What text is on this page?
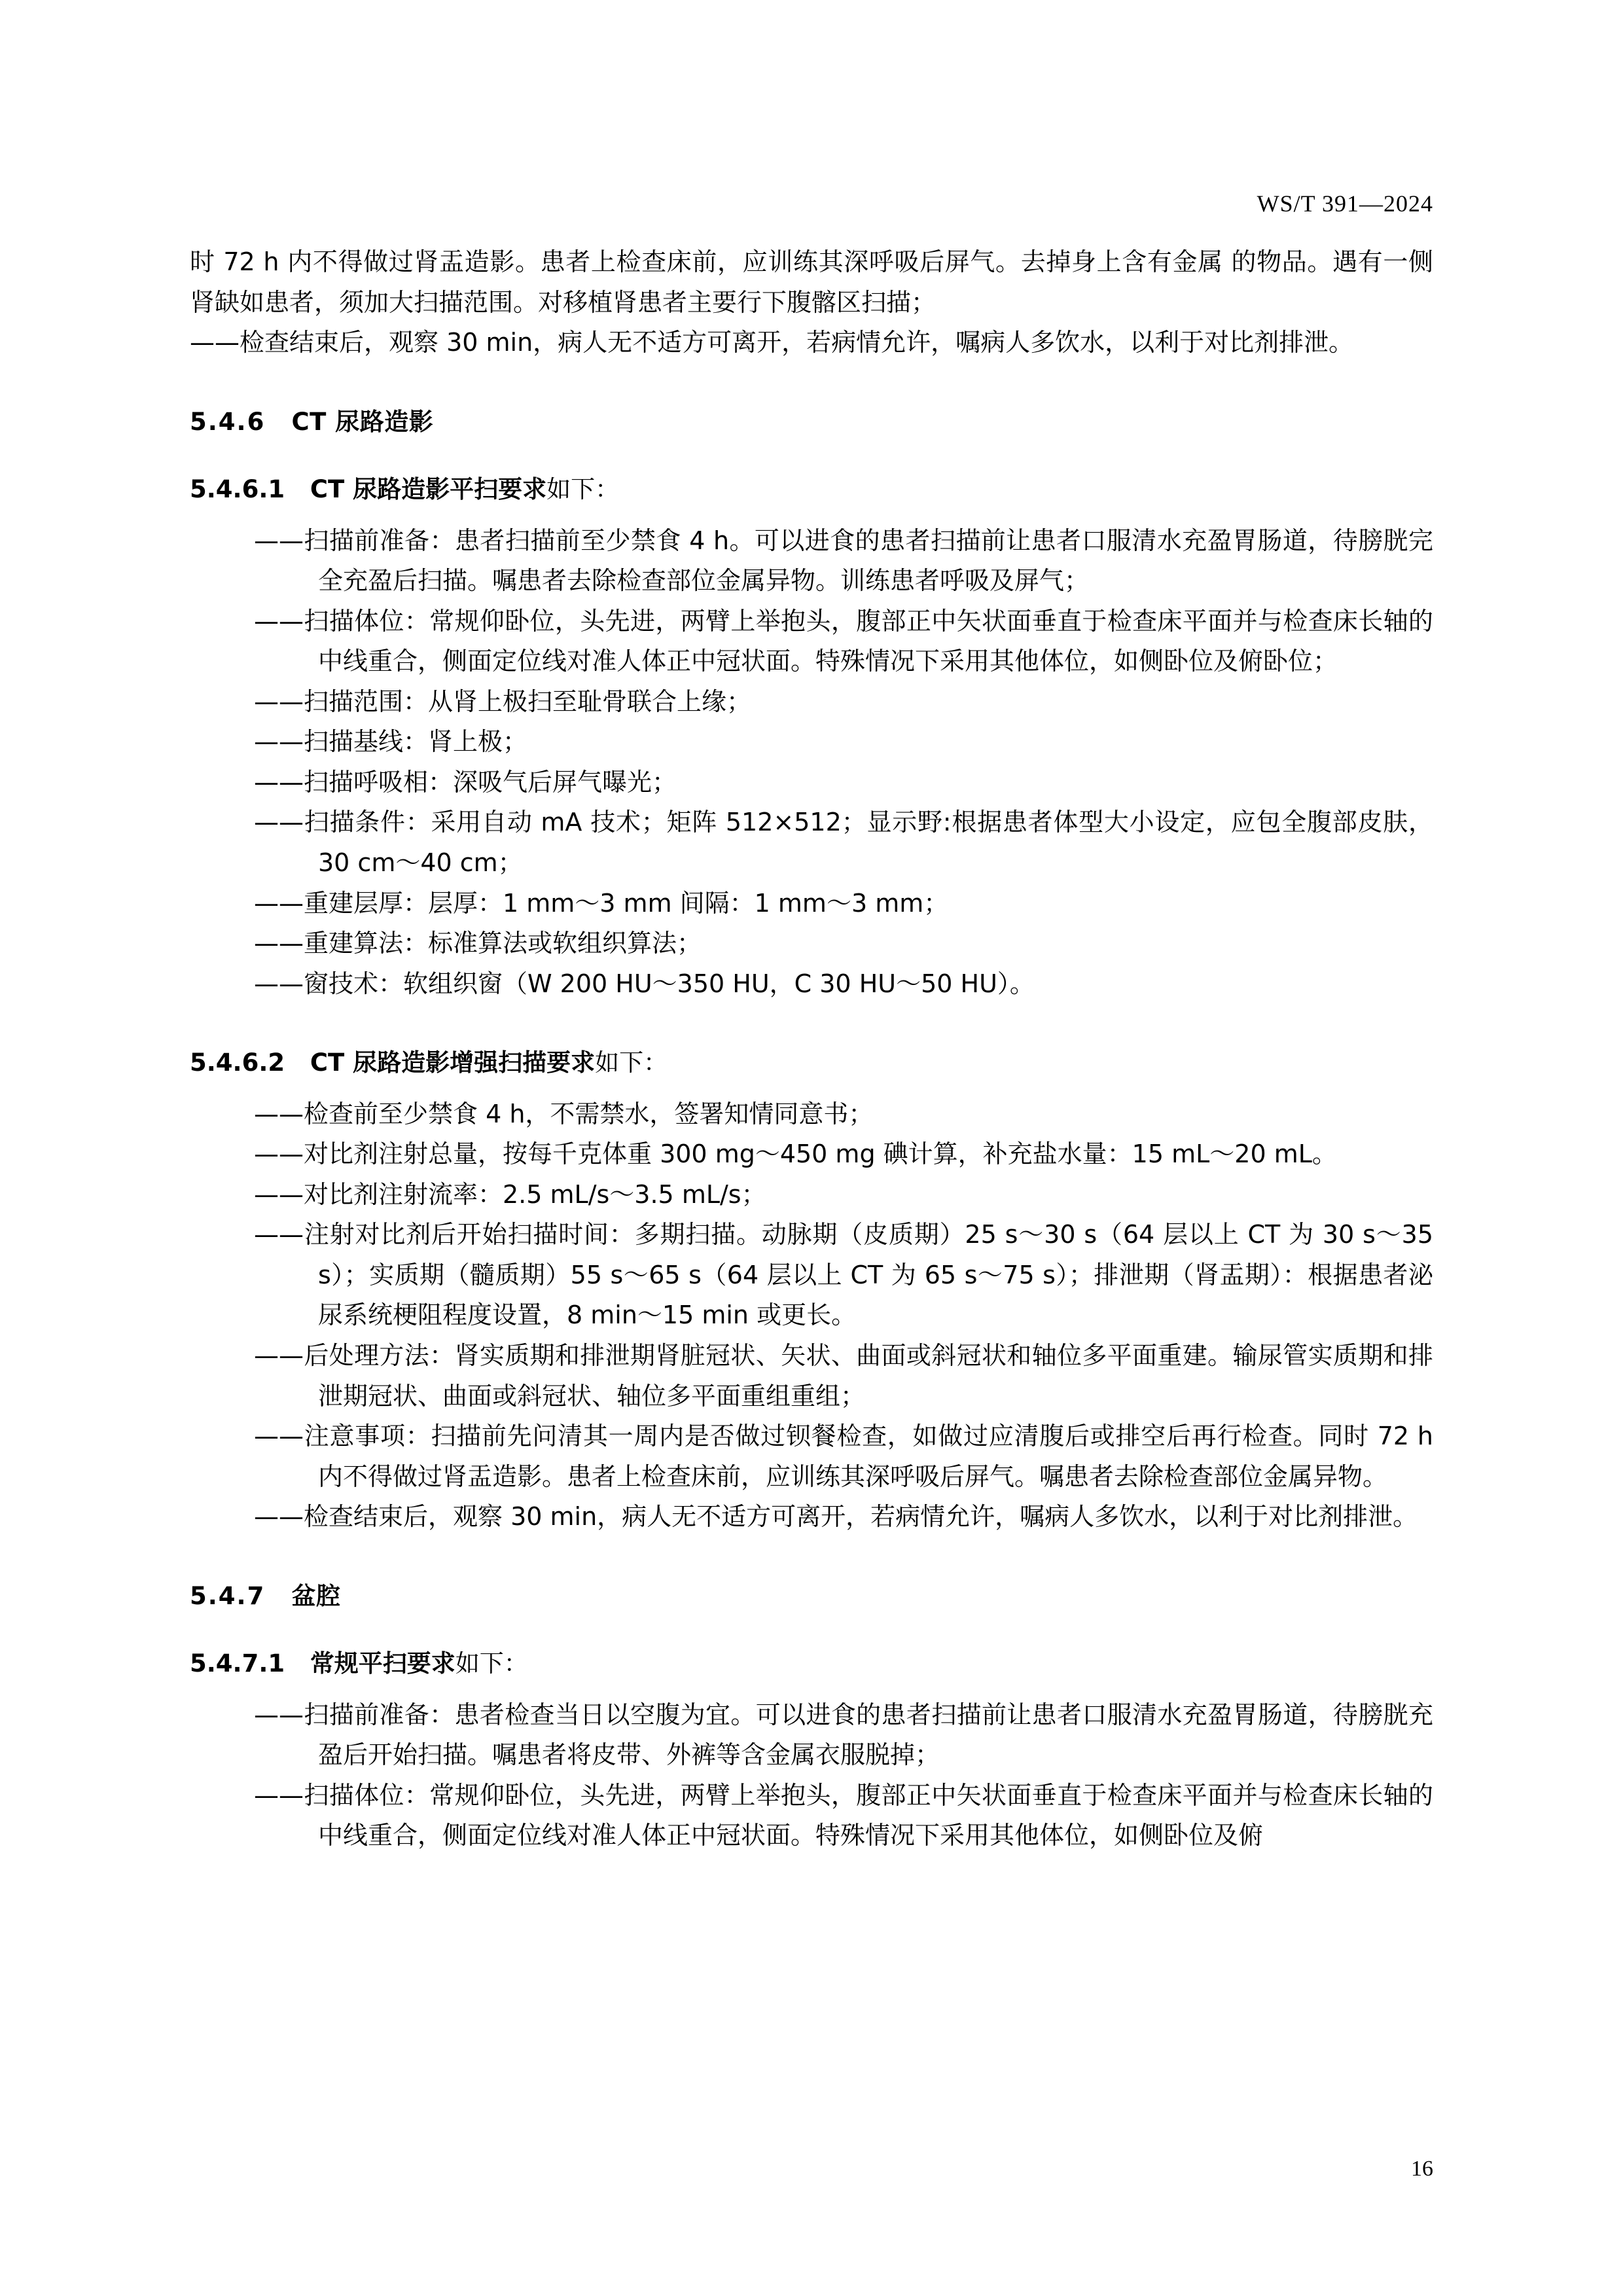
WS/T 391—2024
时 72 h 内不得做过肾盂造影。患者上检查床前，应训练其深呼吸后屏气。去掉身上含有金属 的物品。遇有一侧肾缺如患者，须加大扫描范围。对移植肾患者主要行下腹髂区扫描；
——检查结束后，观察 30 min，病人无不适方可离开，若病情允许，嘱病人多饮水，以利于对比剂排泄。
5.4.6 CT 尿路造影
5.4.6.1 CT 尿路造影平扫要求如下：
——扫描前准备：患者扫描前至少禁食 4 h。可以进食的患者扫描前让患者口服清水充盈胃肠道，待膀胱完全充盈后扫描。嘱患者去除检查部位金属异物。训练患者呼吸及屏气；
——扫描体位：常规仰卧位，头先进，两臂上举抱头，腹部正中矢状面垂直于检查床平面并与检查床长轴的中线重合，侧面定位线对准人体正中冠状面。特殊情况下采用其他体位，如侧卧位及俯卧位；
——扫描范围：从肾上极扫至耻骨联合上缘；
——扫描基线：肾上极；
——扫描呼吸相：深吸气后屏气曝光；
——扫描条件：采用自动 mA 技术；矩阵 512×512；显示野:根据患者体型大小设定，应包全腹部皮肤，30 cm～40 cm；
——重建层厚：层厚：1 mm～3 mm 间隔：1 mm～3 mm；
——重建算法：标准算法或软组织算法；
——窗技术：软组织窗（W 200 HU～350 HU，C 30 HU～50 HU）。
5.4.6.2 CT 尿路造影增强扫描要求如下：
——检查前至少禁食 4 h，不需禁水，签署知情同意书；
——对比剂注射总量，按每千克体重 300 mg～450 mg 碘计算，补充盐水量：15 mL～20 mL。
——对比剂注射流率：2.5 mL/s～3.5 mL/s；
——注射对比剂后开始扫描时间：多期扫描。动脉期（皮质期）25 s～30 s（64 层以上 CT 为 30 s～35 s）；实质期（髓质期）55 s～65 s（64 层以上 CT 为 65 s～75 s）；排泄期（肾盂期）：根据患者泌尿系统梗阻程度设置，8 min～15 min 或更长。
——后处理方法：肾实质期和排泄期肾脏冠状、矢状、曲面或斜冠状和轴位多平面重建。输尿管实质期和排泄期冠状、曲面或斜冠状、轴位多平面重组重组；
——注意事项：扫描前先问清其一周内是否做过钡餐检查，如做过应清腹后或排空后再行检查。同时 72 h 内不得做过肾盂造影。患者上检查床前，应训练其深呼吸后屏气。嘱患者去除检查部位金属异物。
——检查结束后，观察 30 min，病人无不适方可离开，若病情允许，嘱病人多饮水，以利于对比剂排泄。
5.4.7 盆腔
5.4.7.1 常规平扫要求如下：
——扫描前准备：患者检查当日以空腹为宜。可以进食的患者扫描前让患者口服清水充盈胃肠道，待膀胱充盈后开始扫描。嘱患者将皮带、外裤等含金属衣服脱掉；
——扫描体位：常规仰卧位，头先进，两臂上举抱头，腹部正中矢状面垂直于检查床平面并与检查床长轴的中线重合，侧面定位线对准人体正中冠状面。特殊情况下采用其他体位，如侧卧位及俯
16
